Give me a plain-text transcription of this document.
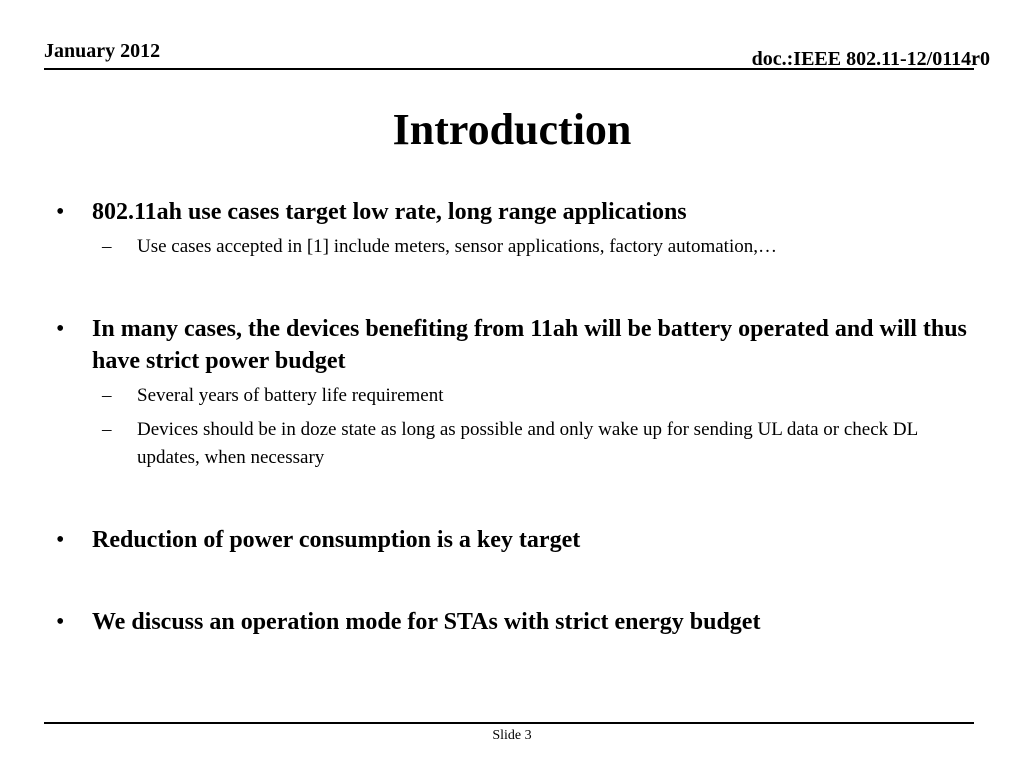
January 2012	doc.:IEEE 802.11-12/0114r0
Introduction
• 802.11ah use cases target low rate, long range applications
– Use cases accepted in [1] include meters, sensor applications, factory automation,…
• In many cases, the devices benefiting from 11ah will be battery operated and will thus have strict power budget
– Several years of battery life requirement
– Devices should be in doze state as long as possible and only wake up for sending UL data or check DL updates, when necessary
• Reduction of power consumption is a key target
• We discuss an operation mode for STAs with strict energy budget
Slide 3
